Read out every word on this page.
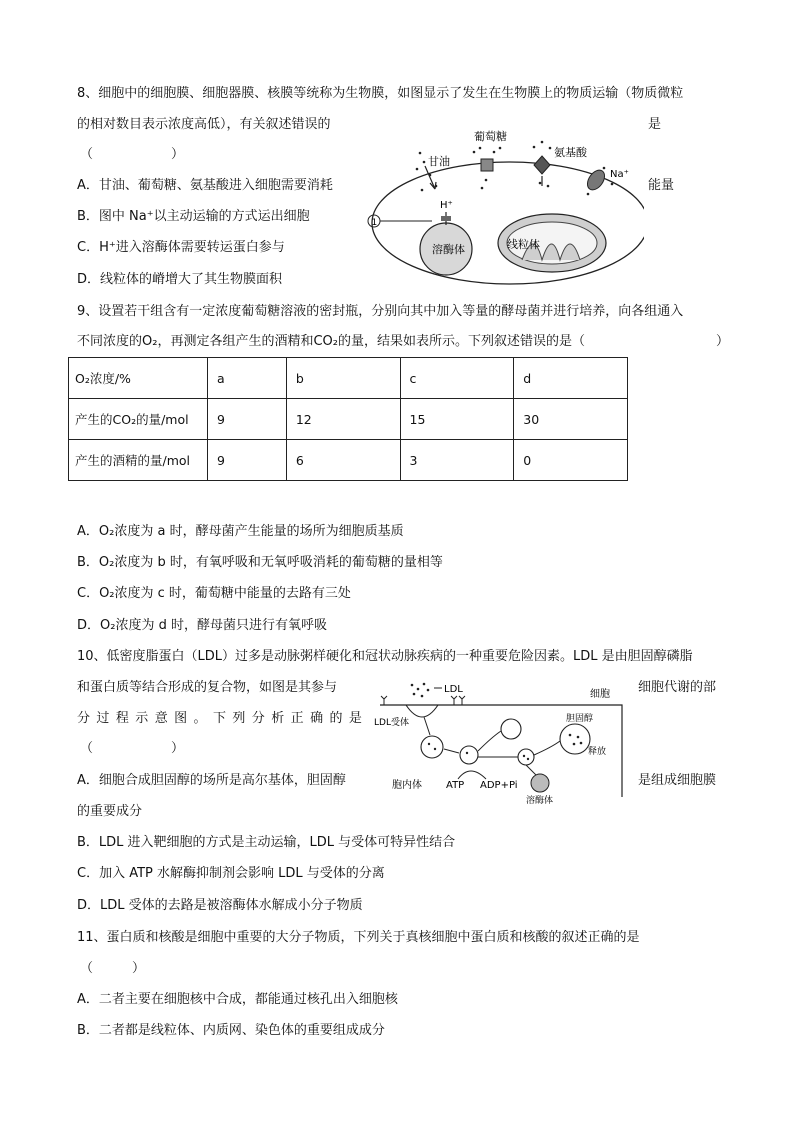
8、细胞中的细胞膜、细胞器膜、核膜等统称为生物膜，如图显示了发生在生物膜上的物质运输（物质微粒
的相对数目表示浓度高低），有关叙述错误的	是
（　　　　　　）
A．甘油、葡萄糖、氨基酸进入细胞需要消耗	能量
B．图中 Na⁺以主动运输的方式运出细胞
C．H⁺进入溶酶体需要转运蛋白参与
D．线粒体的嵴增大了其生物膜面积
溶酶体	线粒体
甘油
葡萄糖
氨基酸
Na⁺
H⁺
1
9、设置若干组含有一定浓度葡萄糖溶液的密封瓶，分别向其中加入等量的酵母菌并进行培养，向各组通入
不同浓度的O₂，再测定各组产生的酒精和CO₂的量，结果如表所示。下列叙述错误的是（	）
O₂浓度/%	a	b	c	d
产生的CO₂的量/mol	9	12	15	30
产生的酒精的量/mol	9	6	3	0
A．O₂浓度为 a 时，酵母菌产生能量的场所为细胞质基质
B．O₂浓度为 b 时，有氧呼吸和无氧呼吸消耗的葡萄糖的量相等
C．O₂浓度为 c 时，葡萄糖中能量的去路有三处
D．O₂浓度为 d 时，酵母菌只进行有氧呼吸
10、低密度脂蛋白（LDL）过多是动脉粥样硬化和冠状动脉疾病的一种重要危险因素。LDL 是由胆固醇磷脂
和蛋白质等结合形成的复合物，如图是其参与	细胞代谢的部
分 过 程 示 意 图 。 下 列 分 析 正 确 的 是
（　　　　　　）
A．细胞合成胆固醇的场所是高尔基体，胆固醇	是组成细胞膜
的重要成分
B．LDL 进入靶细胞的方式是主动运输，LDL 与受体可特异性结合
C．加入 ATP 水解酶抑制剂会影响 LDL 与受体的分离
D．LDL 受体的去路是被溶酶体水解成小分子物质
细胞
LDL
LDL受体	胆固醇
释放
溶酶体
胞内体 ATP ADP+Pi
11、蛋白质和核酸是细胞中重要的大分子物质，下列关于真核细胞中蛋白质和核酸的叙述正确的是
（　　　）
A．二者主要在细胞核中合成，都能通过核孔出入细胞核
B．二者都是线粒体、内质网、染色体的重要组成成分
